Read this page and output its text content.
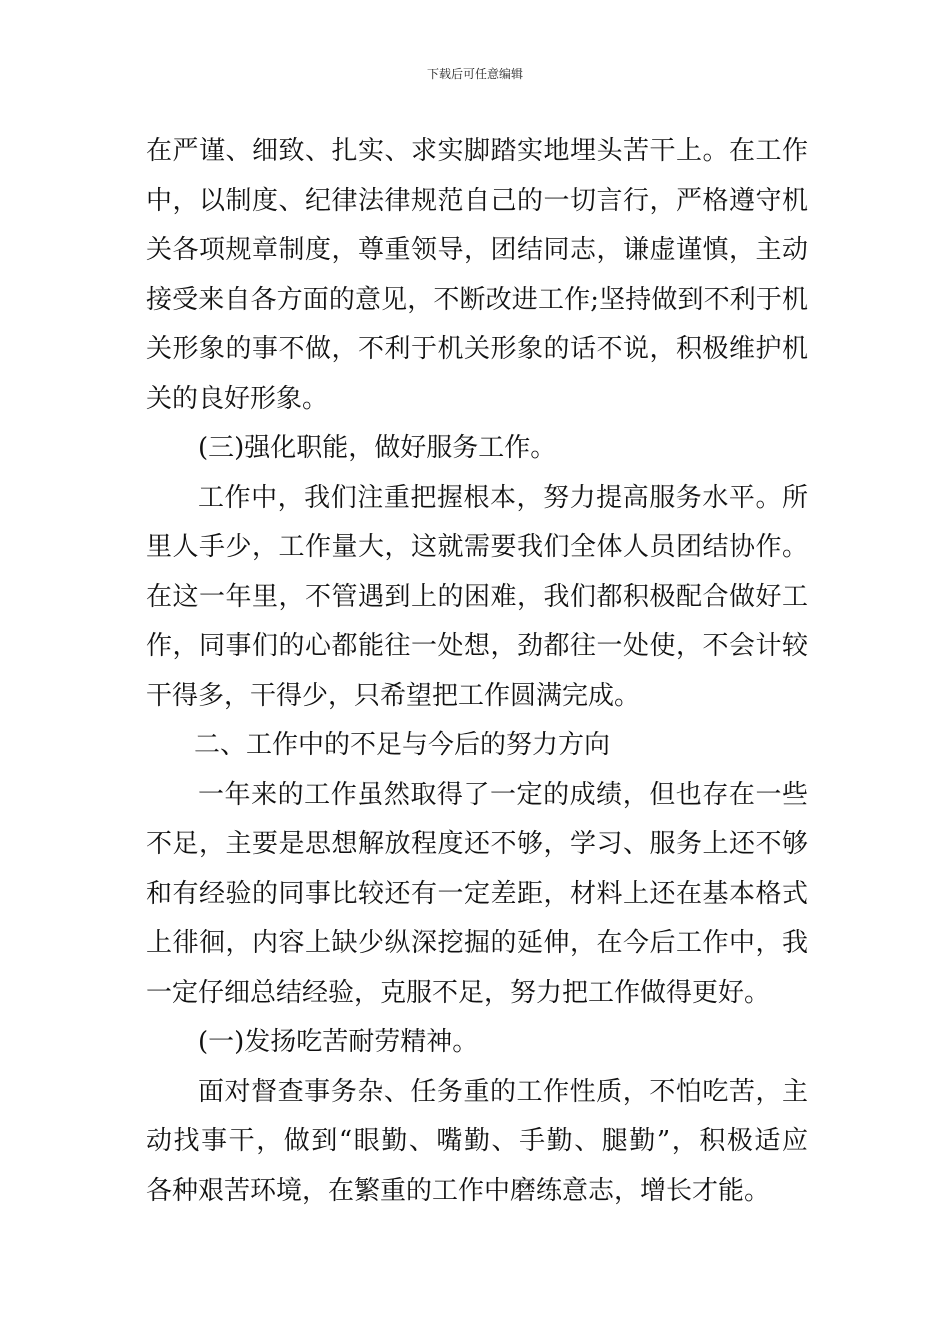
下载后可任意编辑
在严谨、细致、扎实、求实脚踏实地埋头苦干上。在工作
中，以制度、纪律法律规范自己的一切言行，严格遵守机
关各项规章制度，尊重领导，团结同志，谦虚谨慎，主动
接受来自各方面的意见，不断改进工作;坚持做到不利于机
关形象的事不做，不利于机关形象的话不说，积极维护机
关的良好形象。
(三)强化职能，做好服务工作。
工作中，我们注重把握根本，努力提高服务水平。所
里人手少，工作量大，这就需要我们全体人员团结协作。
在这一年里，不管遇到上的困难，我们都积极配合做好工
作，同事们的心都能往一处想，劲都往一处使，不会计较
干得多，干得少，只希望把工作圆满完成。
二、工作中的不足与今后的努力方向
一年来的工作虽然取得了一定的成绩，但也存在一些
不足，主要是思想解放程度还不够，学习、服务上还不够
和有经验的同事比较还有一定差距，材料上还在基本格式
上徘徊，内容上缺少纵深挖掘的延伸，在今后工作中，我
一定仔细总结经验，克服不足，努力把工作做得更好。
(一)发扬吃苦耐劳精神。
面对督查事务杂、任务重的工作性质，不怕吃苦，主
动找事干，做到“眼勤、嘴勤、手勤、腿勤”，积极适应
各种艰苦环境，在繁重的工作中磨练意志，增长才能。
